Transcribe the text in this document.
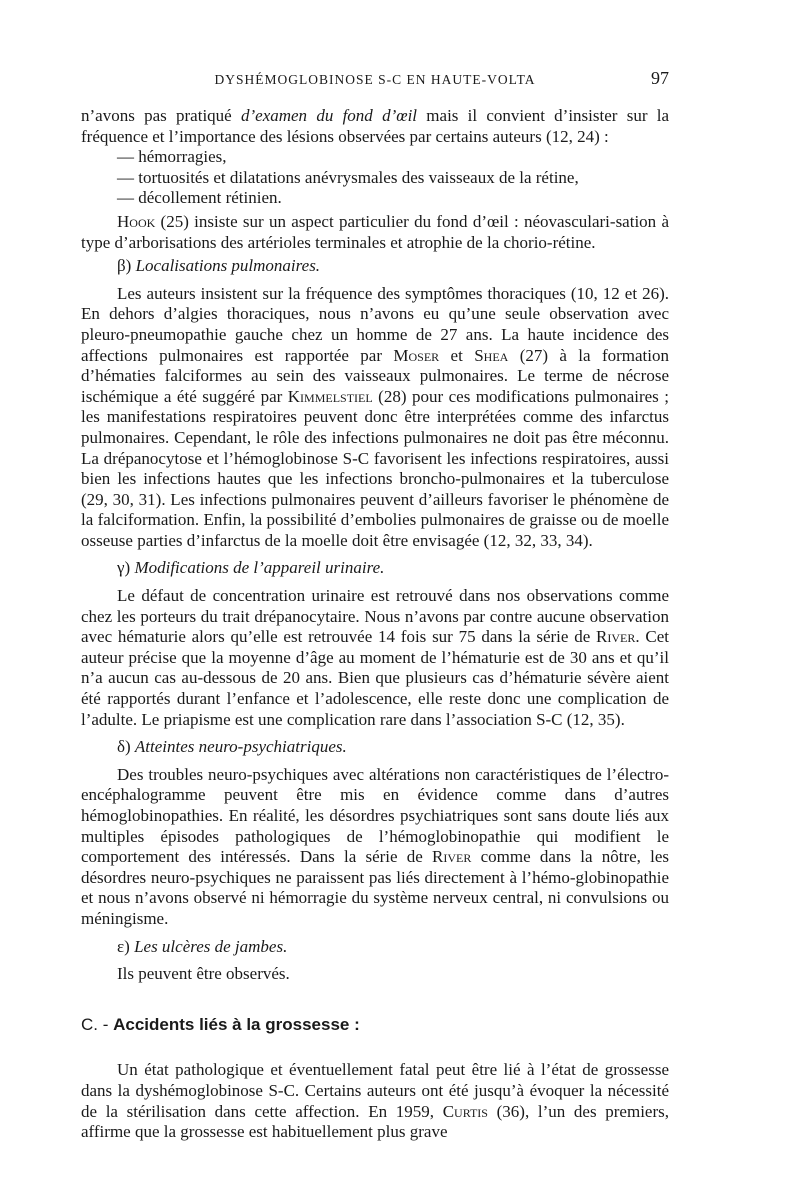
DYSHÉMOGLOBINOSE S-C EN HAUTE-VOLTA	97

n’avons pas pratiqué d’examen du fond d’œil mais il convient d’insister sur la fréquence et l’importance des lésions observées par certains auteurs (12, 24) :

— hémorragies,
— tortuosités et dilatations anévrysmales des vaisseaux de la rétine,
— décollement rétinien.

Hook (25) insiste sur un aspect particulier du fond d’œil : néovasculari-sation à type d’arborisations des artérioles terminales et atrophie de la chorio-rétine.

β) Localisations pulmonaires.

Les auteurs insistent sur la fréquence des symptômes thoraciques (10, 12 et 26). En dehors d’algies thoraciques, nous n’avons eu qu’une seule observation avec pleuro-pneumopathie gauche chez un homme de 27 ans. La haute incidence des affections pulmonaires est rapportée par Moser et Shea (27) à la formation d’hématies falciformes au sein des vaisseaux pulmonaires. Le terme de nécrose ischémique a été suggéré par Kimmelstiel (28) pour ces modifications pulmonaires ; les manifestations respiratoires peuvent donc être interprétées comme des infarctus pulmonaires. Cependant, le rôle des infections pulmonaires ne doit pas être méconnu. La drépanocytose et l’hémoglobinose S-C favorisent les infections respiratoires, aussi bien les infections hautes que les infections broncho-pulmonaires et la tuberculose (29, 30, 31). Les infections pulmonaires peuvent d’ailleurs favoriser le phénomène de la falciformation. Enfin, la possibilité d’embolies pulmonaires de graisse ou de moelle osseuse parties d’infarctus de la moelle doit être envisagée (12, 32, 33, 34).

γ) Modifications de l’appareil urinaire.

Le défaut de concentration urinaire est retrouvé dans nos observations comme chez les porteurs du trait drépanocytaire. Nous n’avons par contre aucune observation avec hématurie alors qu’elle est retrouvée 14 fois sur 75 dans la série de River. Cet auteur précise que la moyenne d’âge au moment de l’hématurie est de 30 ans et qu’il n’a aucun cas au-dessous de 20 ans. Bien que plusieurs cas d’hématurie sévère aient été rapportés durant l’enfance et l’adolescence, elle reste donc une complication de l’adulte. Le priapisme est une complication rare dans l’association S-C (12, 35).

δ) Atteintes neuro-psychiatriques.

Des troubles neuro-psychiques avec altérations non caractéristiques de l’électro-encéphalogramme peuvent être mis en évidence comme dans d’autres hémoglobinopathies. En réalité, les désordres psychiatriques sont sans doute liés aux multiples épisodes pathologiques de l’hémoglobinopathie qui modifient le comportement des intéressés. Dans la série de River comme dans la nôtre, les désordres neuro-psychiques ne paraissent pas liés directement à l’hémo-globinopathie et nous n’avons observé ni hémorragie du système nerveux central, ni convulsions ou méningisme.

ε) Les ulcères de jambes.

Ils peuvent être observés.

C. - Accidents liés à la grossesse :

Un état pathologique et éventuellement fatal peut être lié à l’état de grossesse dans la dyshémoglobinose S-C. Certains auteurs ont été jusqu’à évoquer la nécessité de la stérilisation dans cette affection. En 1959, Curtis (36), l’un des premiers, affirme que la grossesse est habituellement plus grave
